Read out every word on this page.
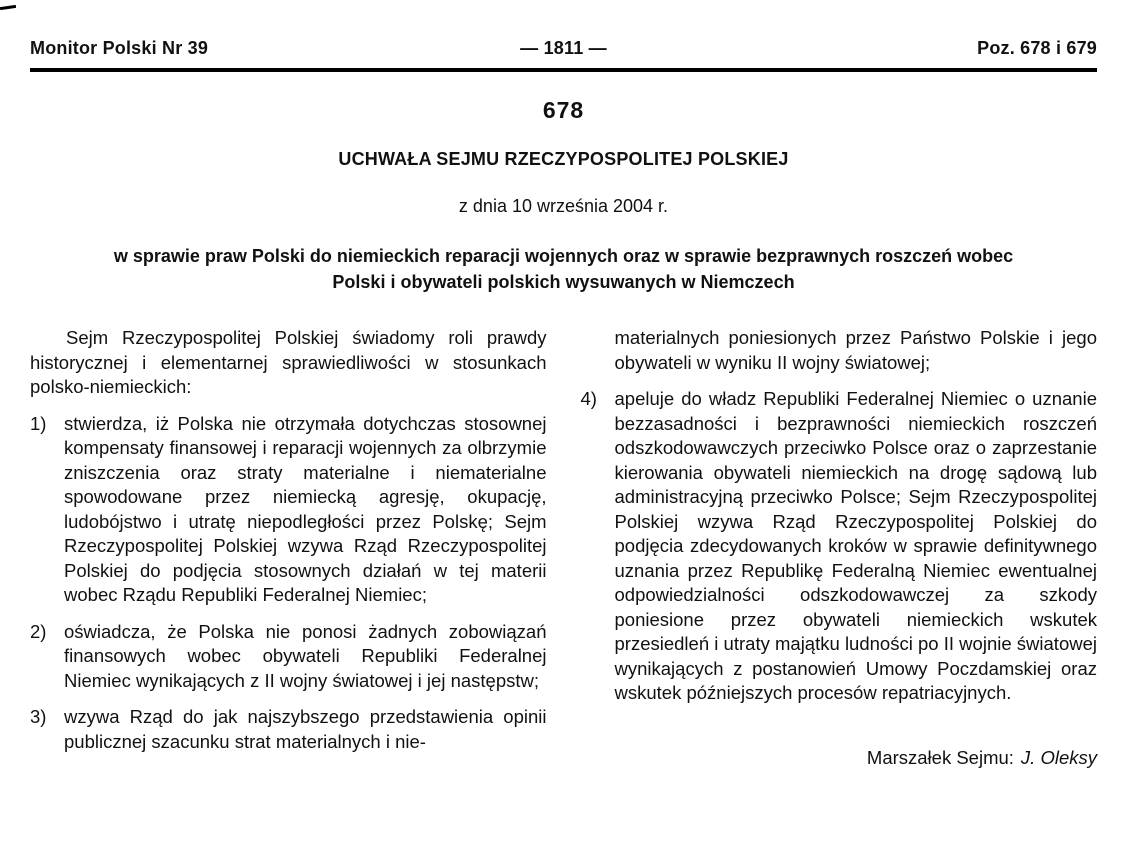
Monitor Polski Nr 39	— 1811 —	Poz. 678 i 679
678
UCHWAŁA SEJMU RZECZYPOSPOLITEJ POLSKIEJ
z dnia 10 września 2004 r.
w sprawie praw Polski do niemieckich reparacji wojennych oraz w sprawie bezprawnych roszczeń wobec
Polski i obywateli polskich wysuwanych w Niemczech

Sejm Rzeczypospolitej Polskiej świadomy roli prawdy historycznej i elementarnej sprawiedliwości w stosunkach polsko-niemieckich:

1) stwierdza, iż Polska nie otrzymała dotychczas stosownej kompensaty finansowej i reparacji wojennych za olbrzymie zniszczenia oraz straty materialne i niematerialne spowodowane przez niemiecką agresję, okupację, ludobójstwo i utratę niepodległości przez Polskę; Sejm Rzeczypospolitej Polskiej wzywa Rząd Rzeczypospolitej Polskiej do podjęcia stosownych działań w tej materii wobec Rządu Republiki Federalnej Niemiec;

2) oświadcza, że Polska nie ponosi żadnych zobowiązań finansowych wobec obywateli Republiki Federalnej Niemiec wynikających z II wojny światowej i jej następstw;

3) wzywa Rząd do jak najszybszego przedstawienia opinii publicznej szacunku strat materialnych i nie-

materialnych poniesionych przez Państwo Polskie i jego obywateli w wyniku II wojny światowej;

4) apeluje do władz Republiki Federalnej Niemiec o uznanie bezzasadności i bezprawności niemieckich roszczeń odszkodowawczych przeciwko Polsce oraz o zaprzestanie kierowania obywateli niemieckich na drogę sądową lub administracyjną przeciwko Polsce; Sejm Rzeczypospolitej Polskiej wzywa Rząd Rzeczypospolitej Polskiej do podjęcia zdecydowanych kroków w sprawie definitywnego uznania przez Republikę Federalną Niemiec ewentualnej odpowiedzialności odszkodowawczej za szkody poniesione przez obywateli niemieckich wskutek przesiedleń i utraty majątku ludności po II wojnie światowej wynikających z postanowień Umowy Poczdamskiej oraz wskutek późniejszych procesów repatriacyjnych.

Marszałek Sejmu: J. Oleksy
